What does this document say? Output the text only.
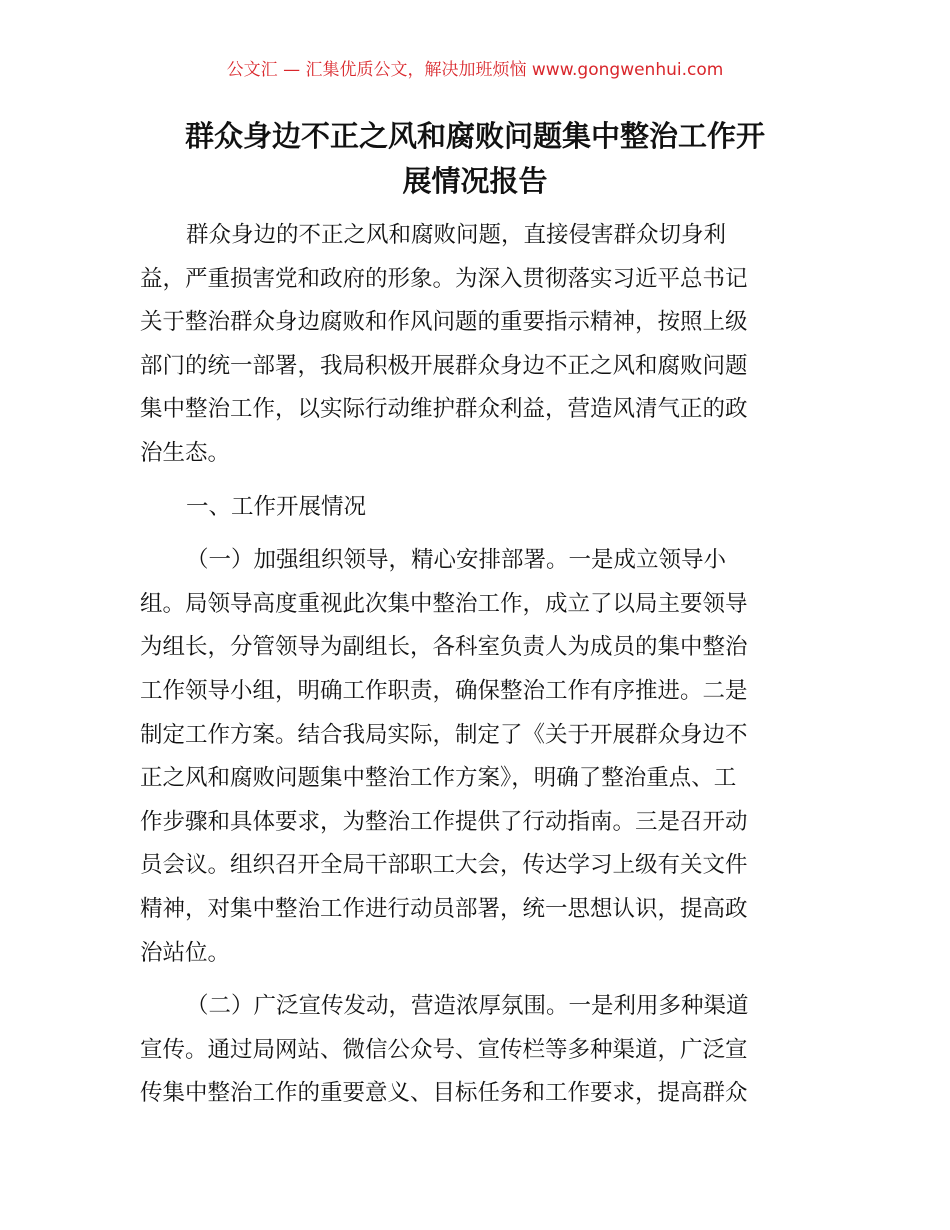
公文汇 — 汇集优质公文，解决加班烦恼 www.gongwenhui.com
群众身边不正之风和腐败问题集中整治工作开
展情况报告

群众身边的不正之风和腐败问题，直接侵害群众切身利
益，严重损害党和政府的形象。为深入贯彻落实习近平总书记
关于整治群众身边腐败和作风问题的重要指示精神，按照上级
部门的统一部署，我局积极开展群众身边不正之风和腐败问题
集中整治工作，以实际行动维护群众利益，营造风清气正的政
治生态。

一、工作开展情况

（一）加强组织领导，精心安排部署。一是成立领导小
组。局领导高度重视此次集中整治工作，成立了以局主要领导
为组长，分管领导为副组长，各科室负责人为成员的集中整治
工作领导小组，明确工作职责，确保整治工作有序推进。二是
制定工作方案。结合我局实际，制定了《关于开展群众身边不
正之风和腐败问题集中整治工作方案》，明确了整治重点、工
作步骤和具体要求，为整治工作提供了行动指南。三是召开动
员会议。组织召开全局干部职工大会，传达学习上级有关文件
精神，对集中整治工作进行动员部署，统一思想认识，提高政
治站位。

（二）广泛宣传发动，营造浓厚氛围。一是利用多种渠道
宣传。通过局网站、微信公众号、宣传栏等多种渠道，广泛宣
传集中整治工作的重要意义、目标任务和工作要求，提高群众
